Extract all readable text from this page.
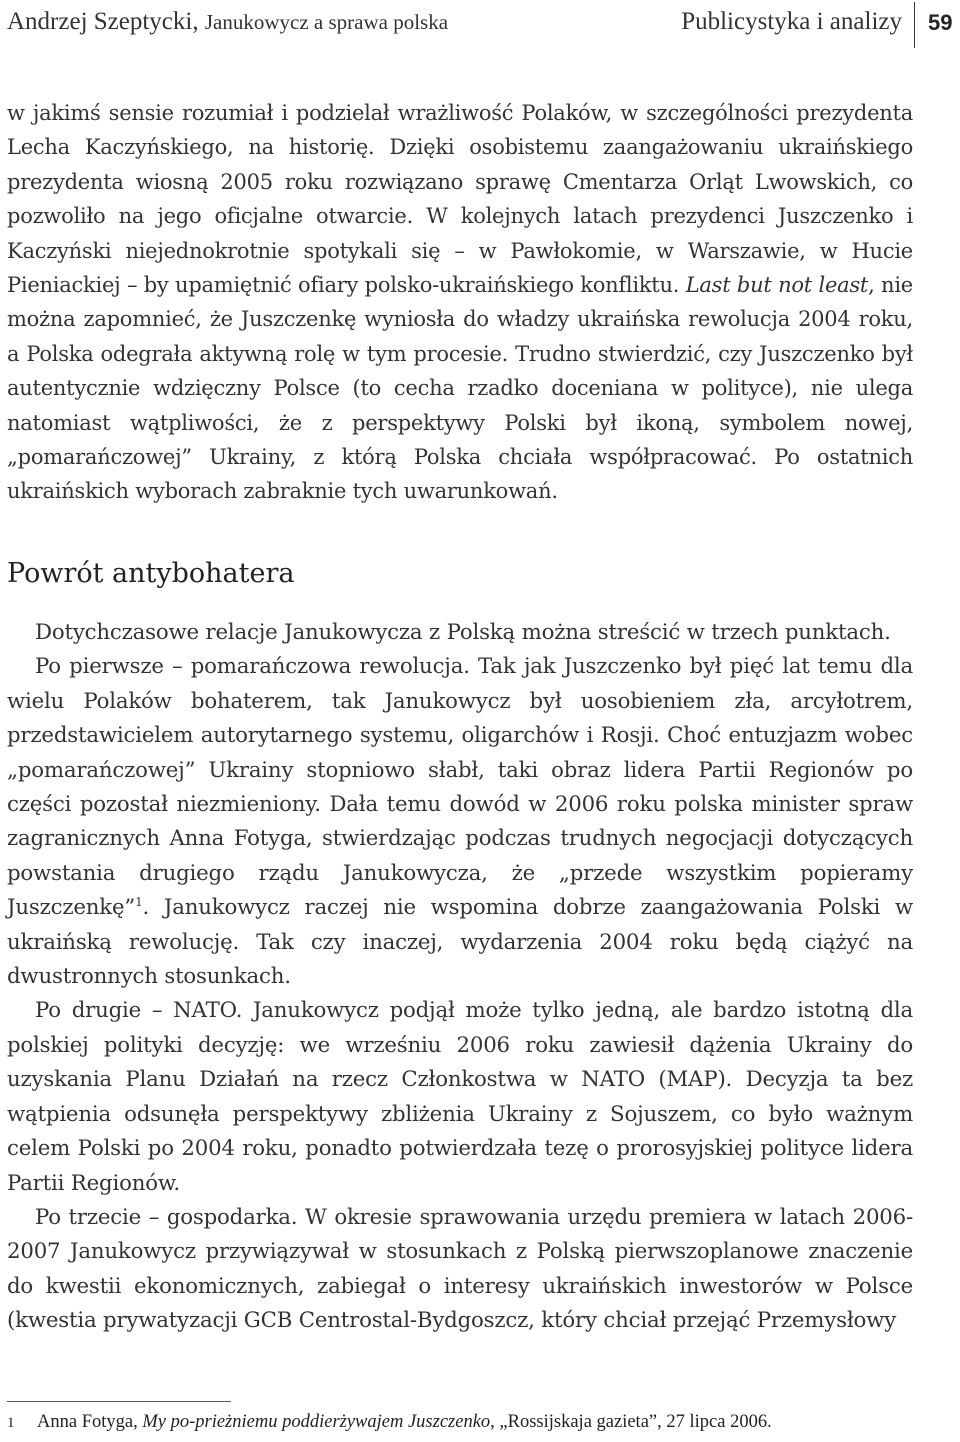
Andrzej Szeptycki, Janukowycz a sprawa polska	Publicystyka i analizy 59

w jakimś sensie rozumiał i podzielał wrażliwość Polaków, w szczególności prezydenta Lecha Kaczyńskiego, na historię. Dzięki osobistemu zaangażowaniu ukraińskiego prezydenta wiosną 2005 roku rozwiązano sprawę Cmentarza Orląt Lwowskich, co pozwoliło na jego oficjalne otwarcie. W kolejnych latach prezydenci Juszczenko i Kaczyński niejednokrotnie spotykali się – w Pawłokomie, w Warszawie, w Hucie Pieniackiej – by upamiętnić ofiary polsko-ukraińskiego konfliktu. Last but not least, nie można zapomnieć, że Juszczenkę wyniosła do władzy ukraińska rewolucja 2004 roku, a Polska odegrała aktywną rolę w tym procesie. Trudno stwierdzić, czy Juszczenko był autentycznie wdzięczny Polsce (to cecha rzadko doceniana w polityce), nie ulega natomiast wątpliwości, że z perspektywy Polski był ikoną, symbolem nowej, „pomarańczowej” Ukrainy, z którą Polska chciała współpracować. Po ostatnich ukraińskich wyborach zabraknie tych uwarunkowań.

Powrót antybohatera

Dotychczasowe relacje Janukowycza z Polską można streścić w trzech punktach.

Po pierwsze – pomarańczowa rewolucja. Tak jak Juszczenko był pięć lat temu dla wielu Polaków bohaterem, tak Janukowycz był uosobieniem zła, arcyłotrem, przedstawicielem autorytarnego systemu, oligarchów i Rosji. Choć entuzjazm wobec „pomarańczowej” Ukrainy stopniowo słabł, taki obraz lidera Partii Regionów po części pozostał niezmieniony. Dała temu dowód w 2006 roku polska minister spraw zagranicznych Anna Fotyga, stwierdzając podczas trudnych negocjacji dotyczących powstania drugiego rządu Janukowycza, że „przede wszystkim popieramy Juszczenkę”$^1$. Janukowycz raczej nie wspomina dobrze zaangażowania Polski w ukraińską rewolucję. Tak czy inaczej, wydarzenia 2004 roku będą ciążyć na dwustronnych stosunkach.

Po drugie – NATO. Janukowycz podjął może tylko jedną, ale bardzo istotną dla polskiej polityki decyzję: we wrześniu 2006 roku zawiesił dążenia Ukrainy do uzyskania Planu Działań na rzecz Członkostwa w NATO (MAP). Decyzja ta bez wątpienia odsunęła perspektywy zbliżenia Ukrainy z Sojuszem, co było ważnym celem Polski po 2004 roku, ponadto potwierdzała tezę o prorosyjskiej polityce lidera Partii Regionów.

Po trzecie – gospodarka. W okresie sprawowania urzędu premiera w latach 2006-2007 Janukowycz przywiązywał w stosunkach z Polską pierwszoplanowe znaczenie do kwestii ekonomicznych, zabiegał o interesy ukraińskich inwestorów w Polsce (kwestia prywatyzacji GCB Centrostal-Bydgoszcz, który chciał przejąć Przemysłowy

1 Anna Fotyga, My po-prieżniemu poddierżywajem Juszczenko, „Rossijskaja gazieta”, 27 lipca 2006.
